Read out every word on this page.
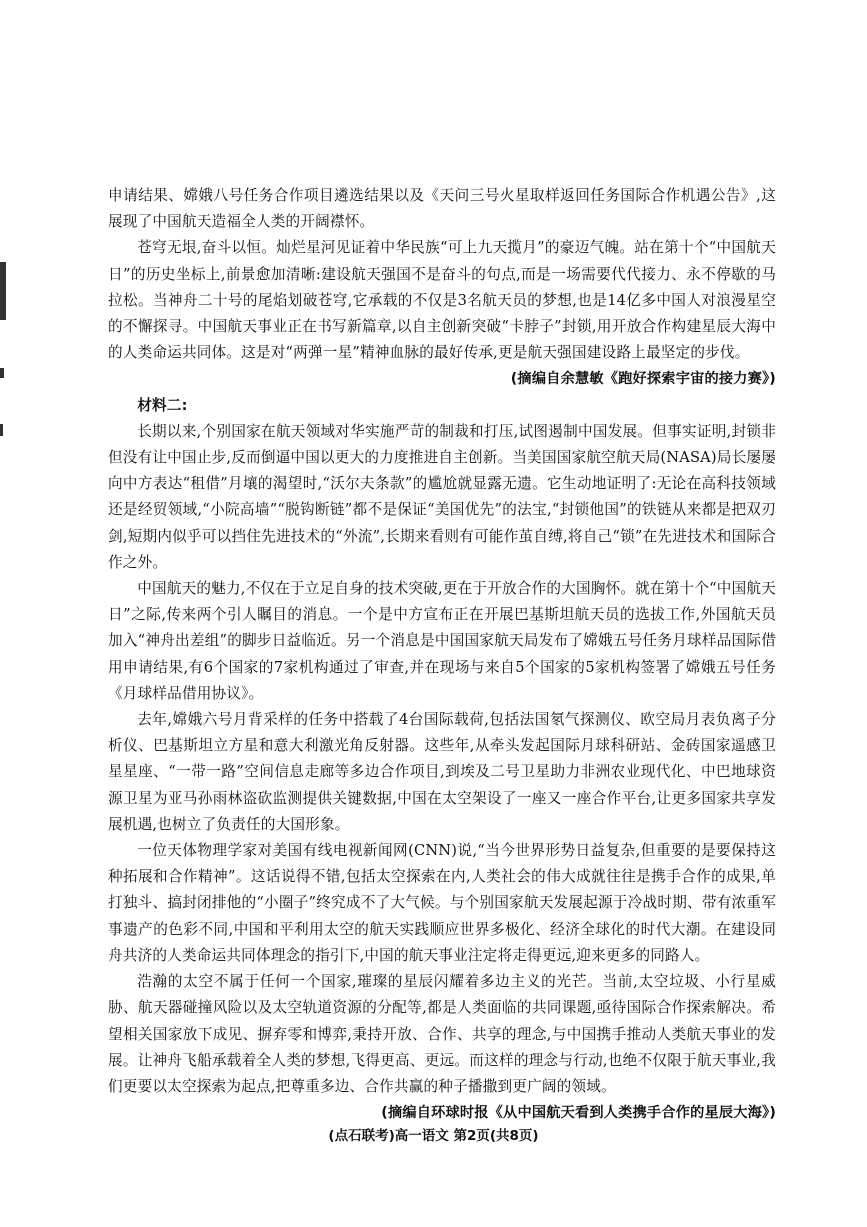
申请结果、嫦娥八号任务合作项目遴选结果以及《天问三号火星取样返回任务国际合作机遇公告》,这展现了中国航天造福全人类的开阔襟怀。

苍穹无垠,奋斗以恒。灿烂星河见证着中华民族“可上九天揽月”的豪迈气魄。站在第十个“中国航天日”的历史坐标上,前景愈加清晰:建设航天强国不是奋斗的句点,而是一场需要代代接力、永不停歇的马拉松。当神舟二十号的尾焰划破苍穹,它承载的不仅是3名航天员的梦想,也是14亿多中国人对浪漫星空的不懈探寻。中国航天事业正在书写新篇章,以自主创新突破“卡脖子”封锁,用开放合作构建星辰大海中的人类命运共同体。这是对“两弹一星”精神血脉的最好传承,更是航天强国建设路上最坚定的步伐。

(摘编自余慧敏《跑好探索宇宙的接力赛》)

材料二:

长期以来,个别国家在航天领域对华实施严苛的制裁和打压,试图遏制中国发展。但事实证明,封锁非但没有让中国止步,反而倒逼中国以更大的力度推进自主创新。当美国国家航空航天局(NASA)局长屡屡向中方表达“租借”月壤的渴望时,“沃尔夫条款”的尴尬就显露无遗。它生动地证明了:无论在高科技领域还是经贸领域,“小院高墙”“脱钩断链”都不是保证“美国优先”的法宝,“封锁他国”的铁链从来都是把双刃剑,短期内似乎可以挡住先进技术的“外流”,长期来看则有可能作茧自缚,将自己“锁”在先进技术和国际合作之外。

中国航天的魅力,不仅在于立足自身的技术突破,更在于开放合作的大国胸怀。就在第十个“中国航天日”之际,传来两个引人瞩目的消息。一个是中方宣布正在开展巴基斯坦航天员的选拔工作,外国航天员加入“神舟出差组”的脚步日益临近。另一个消息是中国国家航天局发布了嫦娥五号任务月球样品国际借用申请结果,有6个国家的7家机构通过了审查,并在现场与来自5个国家的5家机构签署了嫦娥五号任务《月球样品借用协议》。

去年,嫦娥六号月背采样的任务中搭载了4台国际载荷,包括法国氡气探测仪、欧空局月表负离子分析仪、巴基斯坦立方星和意大利激光角反射器。这些年,从牵头发起国际月球科研站、金砖国家遥感卫星星座、“一带一路”空间信息走廊等多边合作项目,到埃及二号卫星助力非洲农业现代化、中巴地球资源卫星为亚马孙雨林盗砍监测提供关键数据,中国在太空架设了一座又一座合作平台,让更多国家共享发展机遇,也树立了负责任的大国形象。

一位天体物理学家对美国有线电视新闻网(CNN)说,“当今世界形势日益复杂,但重要的是要保持这种拓展和合作精神”。这话说得不错,包括太空探索在内,人类社会的伟大成就往往是携手合作的成果,单打独斗、搞封闭排他的“小圈子”终究成不了大气候。与个别国家航天发展起源于冷战时期、带有浓重军事遗产的色彩不同,中国和平利用太空的航天实践顺应世界多极化、经济全球化的时代大潮。在建设同舟共济的人类命运共同体理念的指引下,中国的航天事业注定将走得更远,迎来更多的同路人。

浩瀚的太空不属于任何一个国家,璀璨的星辰闪耀着多边主义的光芒。当前,太空垃圾、小行星威胁、航天器碰撞风险以及太空轨道资源的分配等,都是人类面临的共同课题,亟待国际合作探索解决。希望相关国家放下成见、摒弃零和博弈,秉持开放、合作、共享的理念,与中国携手推动人类航天事业的发展。让神舟飞船承载着全人类的梦想,飞得更高、更远。而这样的理念与行动,也绝不仅限于航天事业,我们更要以太空探索为起点,把尊重多边、合作共赢的种子播撒到更广阔的领域。

(摘编自环球时报《从中国航天看到人类携手合作的星辰大海》)

(点石联考)高一语文 第2页(共8页)
